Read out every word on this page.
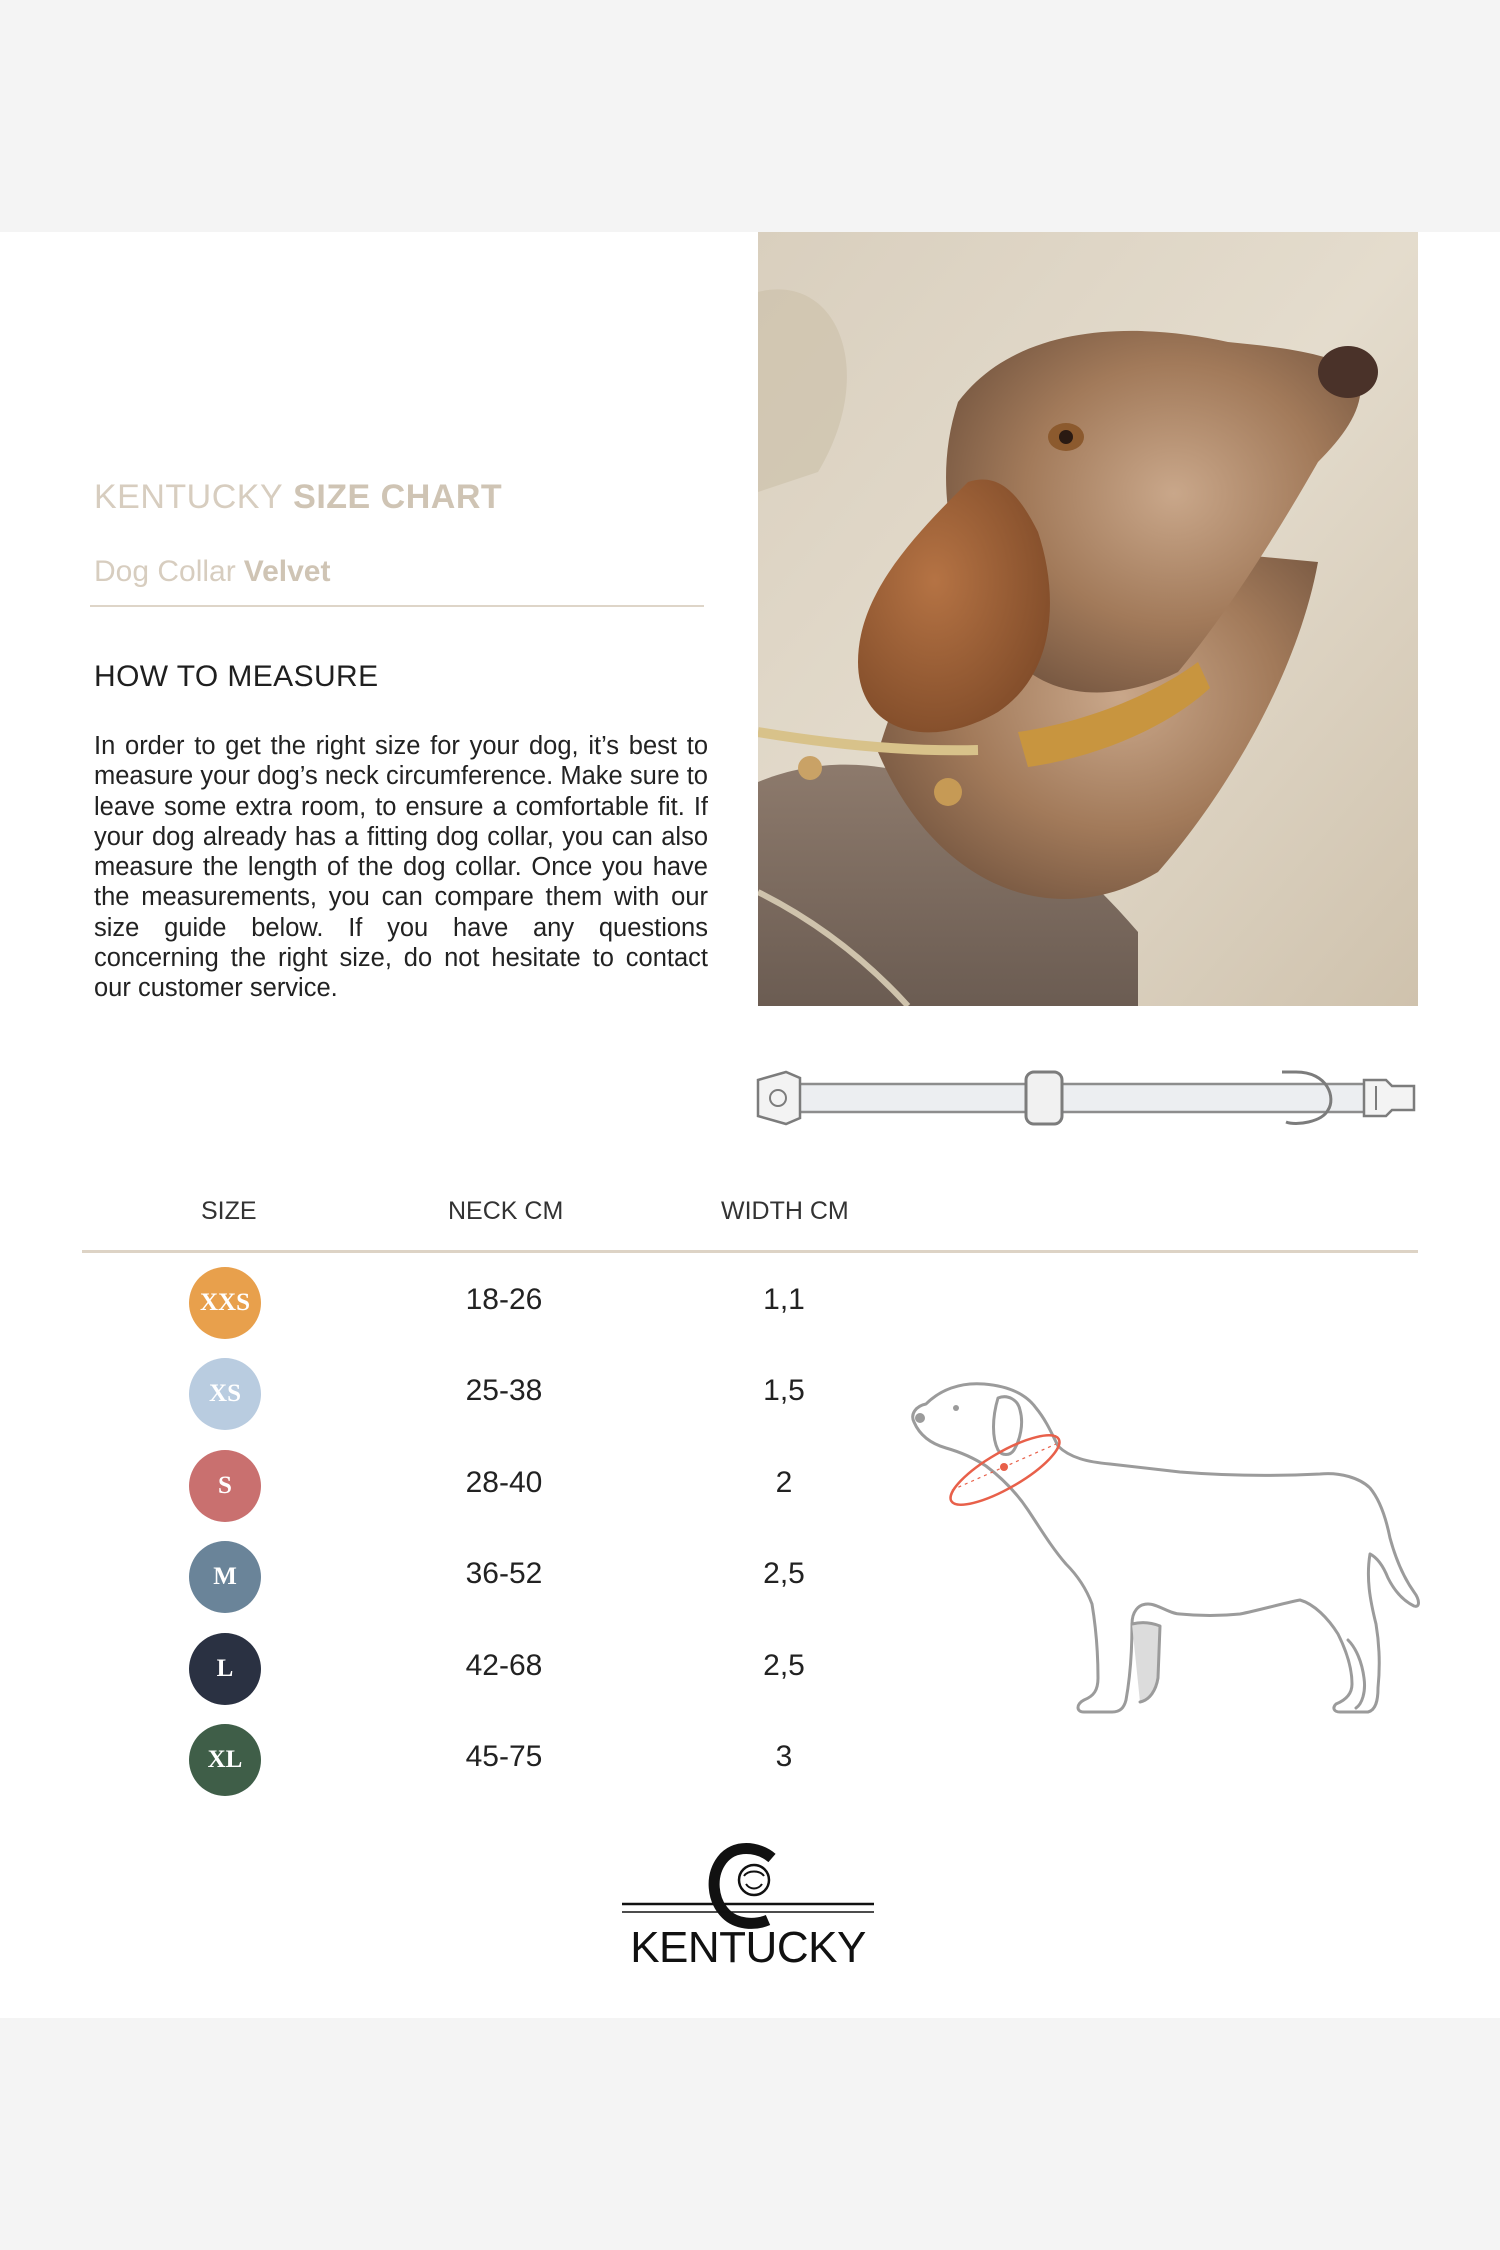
KENTUCKY SIZE CHART
Dog Collar Velvet
HOW TO MEASURE
In order to get the right size for your dog, it’s best to measure your dog’s neck circumference. Make sure to leave some extra room, to ensure a comfortable fit. If your dog already has a fitting dog collar, you can also measure the length of the dog collar. Once you have the measurements, you can compare them with our size guide below. If you have any questions concerning the right size, do not hesitate to contact our customer service.
SIZE	NECK CM	WIDTH CM
XXS	18-26	1,1
XS	25-38	1,5
S	28-40	2
M	36-52	2,5
L	42-68	2,5
XL	45-75	3
KENTUCKY
